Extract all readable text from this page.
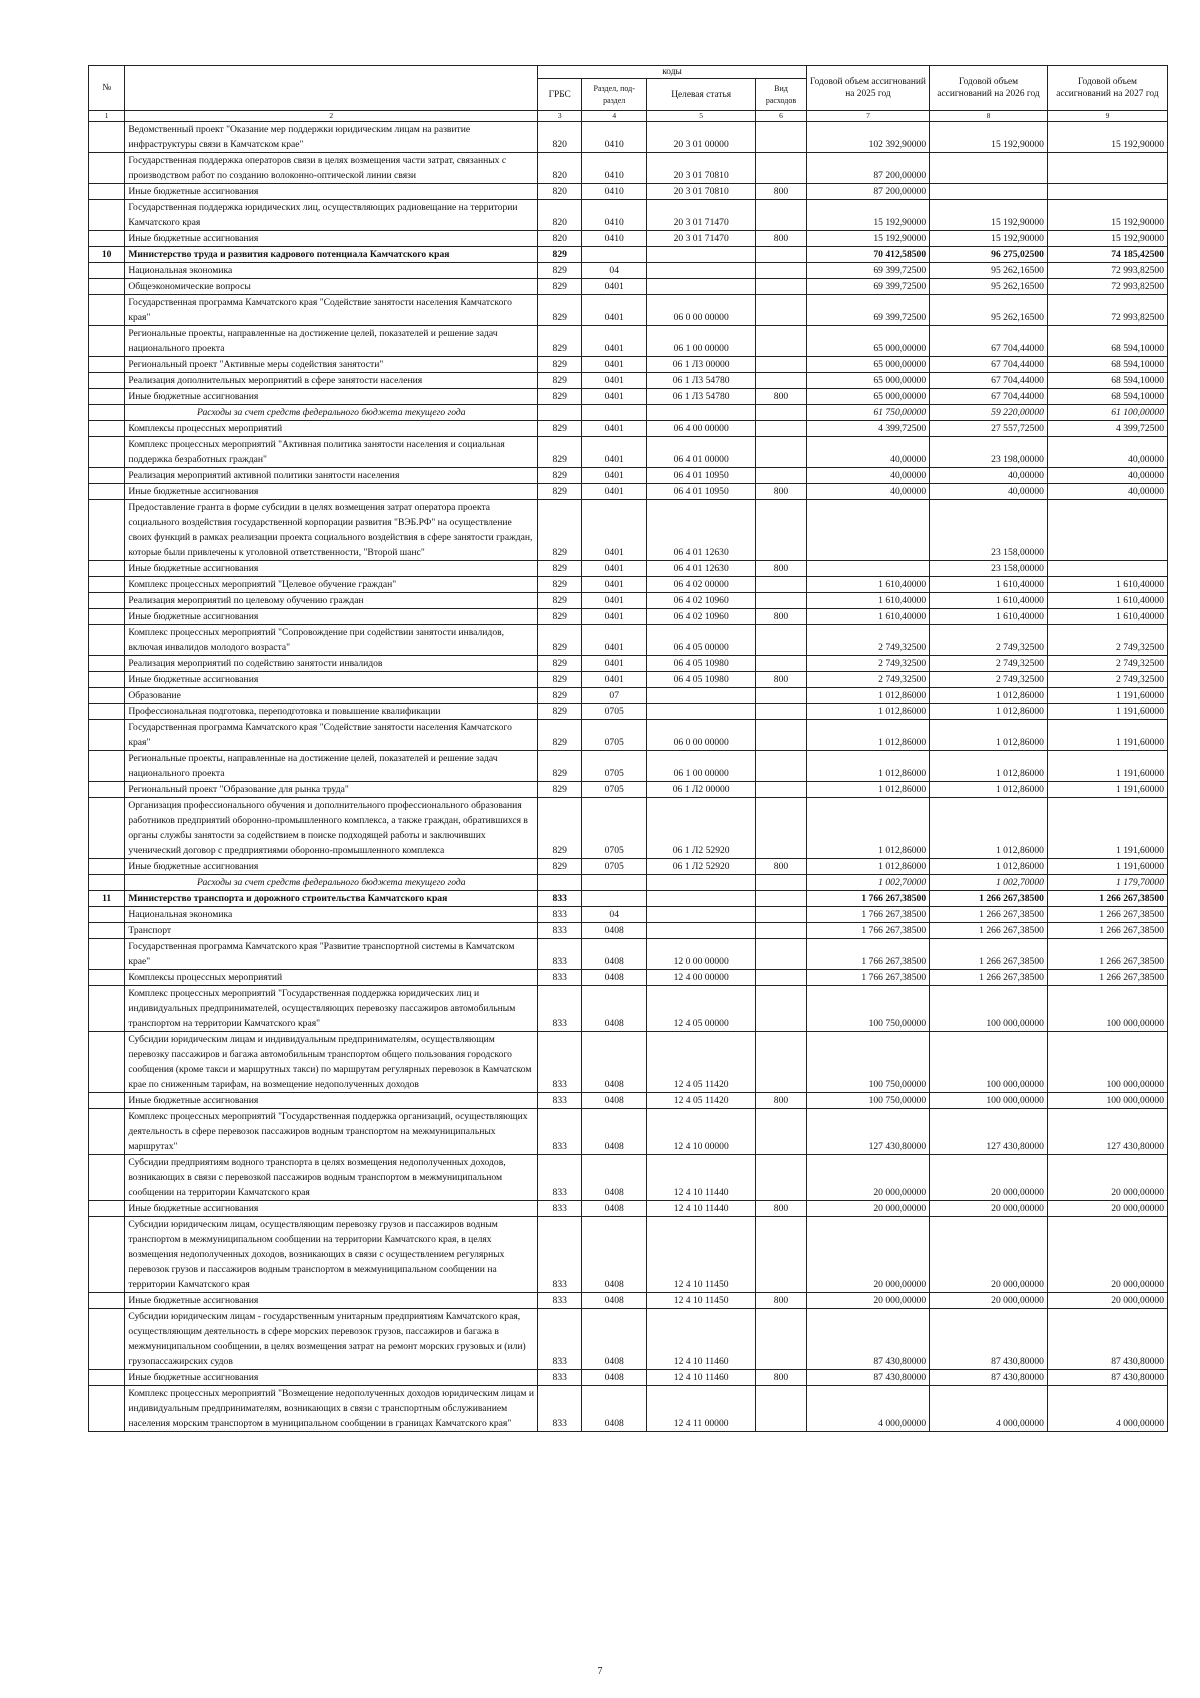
№		коды				Годовой объем ассигнований на 2025 год	Годовой объем ассигнований на 2026 год	Годовой объем ассигнований на 2027 год
		ГРБС	Раздел, под-раздел	Целевая статья	Вид расходов			
1	2	3	4	5	6	7	8	9
	Ведомственный проект "Оказание мер поддержки юридическим лицам на развитие инфраструктуры связи в Камчатском крае"	820	0410	20 3 01 00000		102 392,90000	15 192,90000	15 192,90000
	Государственная поддержка операторов связи в целях возмещения части затрат, связанных с производством работ по созданию волоконно-оптической линии связи	820	0410	20 3 01 70810		87 200,00000		
	Иные бюджетные ассигнования	820	0410	20 3 01 70810	800	87 200,00000		
	Государственная поддержка юридических лиц, осуществляющих радиовещание на территории Камчатского края	820	0410	20 3 01 71470		15 192,90000	15 192,90000	15 192,90000
	Иные бюджетные ассигнования	820	0410	20 3 01 71470	800	15 192,90000	15 192,90000	15 192,90000
10	Министерство труда и развития кадрового потенциала Камчатского края	829				70 412,58500	96 275,02500	74 185,42500
	Национальная экономика	829	04			69 399,72500	95 262,16500	72 993,82500
	Общеэкономические вопросы	829	0401			69 399,72500	95 262,16500	72 993,82500
	Государственная программа Камчатского края "Содействие занятости населения Камчатского края"	829	0401	06 0 00 00000		69 399,72500	95 262,16500	72 993,82500
	Региональные проекты, направленные на достижение целей, показателей и решение задач национального проекта	829	0401	06 1 00 00000		65 000,00000	67 704,44000	68 594,10000
	Региональный проект "Активные меры содействия занятости"	829	0401	06 1 Л3 00000		65 000,00000	67 704,44000	68 594,10000
	Реализация дополнительных мероприятий в сфере занятости населения	829	0401	06 1 Л3 54780		65 000,00000	67 704,44000	68 594,10000
	Иные бюджетные ассигнования	829	0401	06 1 Л3 54780	800	65 000,00000	67 704,44000	68 594,10000
	Расходы за счет средств федерального бюджета текущего года					61 750,00000	59 220,00000	61 100,00000
	Комплексы процессных мероприятий	829	0401	06 4 00 00000		4 399,72500	27 557,72500	4 399,72500
	Комплекс процессных мероприятий "Активная политика занятости населения и социальная поддержка безработных граждан"	829	0401	06 4 01 00000		40,00000	23 198,00000	40,00000
	Реализация мероприятий активной политики занятости населения	829	0401	06 4 01 10950		40,00000	40,00000	40,00000
	Иные бюджетные ассигнования	829	0401	06 4 01 10950	800	40,00000	40,00000	40,00000
	Предоставление гранта в форме субсидии в целях возмещения затрат оператора проекта социального воздействия государственной корпорации развития "ВЭБ.РФ" на осуществление своих функций в рамках реализации проекта социального воздействия в сфере занятости граждан, которые были привлечены к уголовной ответственности, "Второй шанс"	829	0401	06 4 01 12630			23 158,00000	
	Иные бюджетные ассигнования	829	0401	06 4 01 12630	800		23 158,00000	
	Комплекс процессных мероприятий "Целевое обучение граждан"	829	0401	06 4 02 00000		1 610,40000	1 610,40000	1 610,40000
	Реализация мероприятий по целевому обучению граждан	829	0401	06 4 02 10960		1 610,40000	1 610,40000	1 610,40000
	Иные бюджетные ассигнования	829	0401	06 4 02 10960	800	1 610,40000	1 610,40000	1 610,40000
	Комплекс процессных мероприятий "Сопровождение при содействии занятости инвалидов, включая инвалидов молодого возраста"	829	0401	06 4 05 00000		2 749,32500	2 749,32500	2 749,32500
	Реализация мероприятий по содействию занятости инвалидов	829	0401	06 4 05 10980		2 749,32500	2 749,32500	2 749,32500
	Иные бюджетные ассигнования	829	0401	06 4 05 10980	800	2 749,32500	2 749,32500	2 749,32500
	Образование	829	07			1 012,86000	1 012,86000	1 191,60000
	Профессиональная подготовка, переподготовка и повышение квалификации	829	0705			1 012,86000	1 012,86000	1 191,60000
	Государственная программа Камчатского края "Содействие занятости населения Камчатского края"	829	0705	06 0 00 00000		1 012,86000	1 012,86000	1 191,60000
	Региональные проекты, направленные на достижение целей, показателей и решение задач национального проекта	829	0705	06 1 00 00000		1 012,86000	1 012,86000	1 191,60000
	Региональный проект "Образование для рынка труда"	829	0705	06 1 Л2 00000		1 012,86000	1 012,86000	1 191,60000
	Организация профессионального обучения и дополнительного профессионального образования работников предприятий оборонно-промышленного комплекса, а также граждан, обратившихся в органы службы занятости за содействием в поиске подходящей работы и заключивших ученический договор с предприятиями оборонно-промышленного комплекса	829	0705	06 1 Л2 52920		1 012,86000	1 012,86000	1 191,60000
	Иные бюджетные ассигнования	829	0705	06 1 Л2 52920	800	1 012,86000	1 012,86000	1 191,60000
	Расходы за счет средств федерального бюджета текущего года					1 002,70000	1 002,70000	1 179,70000
11	Министерство транспорта и дорожного строительства Камчатского края	833				1 766 267,38500	1 266 267,38500	1 266 267,38500
	Национальная экономика	833	04			1 766 267,38500	1 266 267,38500	1 266 267,38500
	Транспорт	833	0408			1 766 267,38500	1 266 267,38500	1 266 267,38500
	Государственная программа Камчатского края "Развитие транспортной системы в Камчатском крае"	833	0408	12 0 00 00000		1 766 267,38500	1 266 267,38500	1 266 267,38500
	Комплексы процессных мероприятий	833	0408	12 4 00 00000		1 766 267,38500	1 266 267,38500	1 266 267,38500
	Комплекс процессных мероприятий "Государственная поддержка юридических лиц и индивидуальных предпринимателей, осуществляющих перевозку пассажиров автомобильным транспортом на территории Камчатского края"	833	0408	12 4 05 00000		100 750,00000	100 000,00000	100 000,00000
	Субсидии юридическим лицам и индивидуальным предпринимателям, осуществляющим перевозку пассажиров и багажа автомобильным транспортом общего пользования городского сообщения (кроме такси и маршрутных такси) по маршрутам регулярных перевозок в Камчатском крае по сниженным тарифам, на возмещение недополученных доходов	833	0408	12 4 05 11420		100 750,00000	100 000,00000	100 000,00000
	Иные бюджетные ассигнования	833	0408	12 4 05 11420	800	100 750,00000	100 000,00000	100 000,00000
	Комплекс процессных мероприятий "Государственная поддержка организаций, осуществляющих деятельность в сфере перевозок пассажиров водным транспортом на межмуниципальных маршрутах"	833	0408	12 4 10 00000		127 430,80000	127 430,80000	127 430,80000
	Субсидии предприятиям водного транспорта в целях возмещения недополученных доходов, возникающих в связи с перевозкой пассажиров водным транспортом в межмуниципальном сообщении на территории Камчатского края	833	0408	12 4 10 11440		20 000,00000	20 000,00000	20 000,00000
	Иные бюджетные ассигнования	833	0408	12 4 10 11440	800	20 000,00000	20 000,00000	20 000,00000
	Субсидии юридическим лицам, осуществляющим перевозку грузов и пассажиров водным транспортом в межмуниципальном сообщении на территории Камчатского края, в целях возмещения недополученных доходов, возникающих в связи с осуществлением регулярных перевозок грузов и пассажиров водным транспортом в межмуниципальном сообщении на территории Камчатского края	833	0408	12 4 10 11450		20 000,00000	20 000,00000	20 000,00000
	Иные бюджетные ассигнования	833	0408	12 4 10 11450	800	20 000,00000	20 000,00000	20 000,00000
	Субсидии юридическим лицам - государственным унитарным предприятиям Камчатского края, осуществляющим деятельность в сфере морских перевозок грузов, пассажиров и багажа в межмуниципальном сообщении, в целях возмещения затрат на ремонт морских грузовых и (или) грузопассажирских судов	833	0408	12 4 10 11460		87 430,80000	87 430,80000	87 430,80000
	Иные бюджетные ассигнования	833	0408	12 4 10 11460	800	87 430,80000	87 430,80000	87 430,80000
	Комплекс процессных мероприятий "Возмещение недополученных доходов юридическим лицам и индивидуальным предпринимателям, возникающих в связи с транспортным обслуживанием населения морским транспортом в муниципальном сообщении в границах Камчатского края"	833	0408	12 4 11 00000		4 000,00000	4 000,00000	4 000,00000
7
